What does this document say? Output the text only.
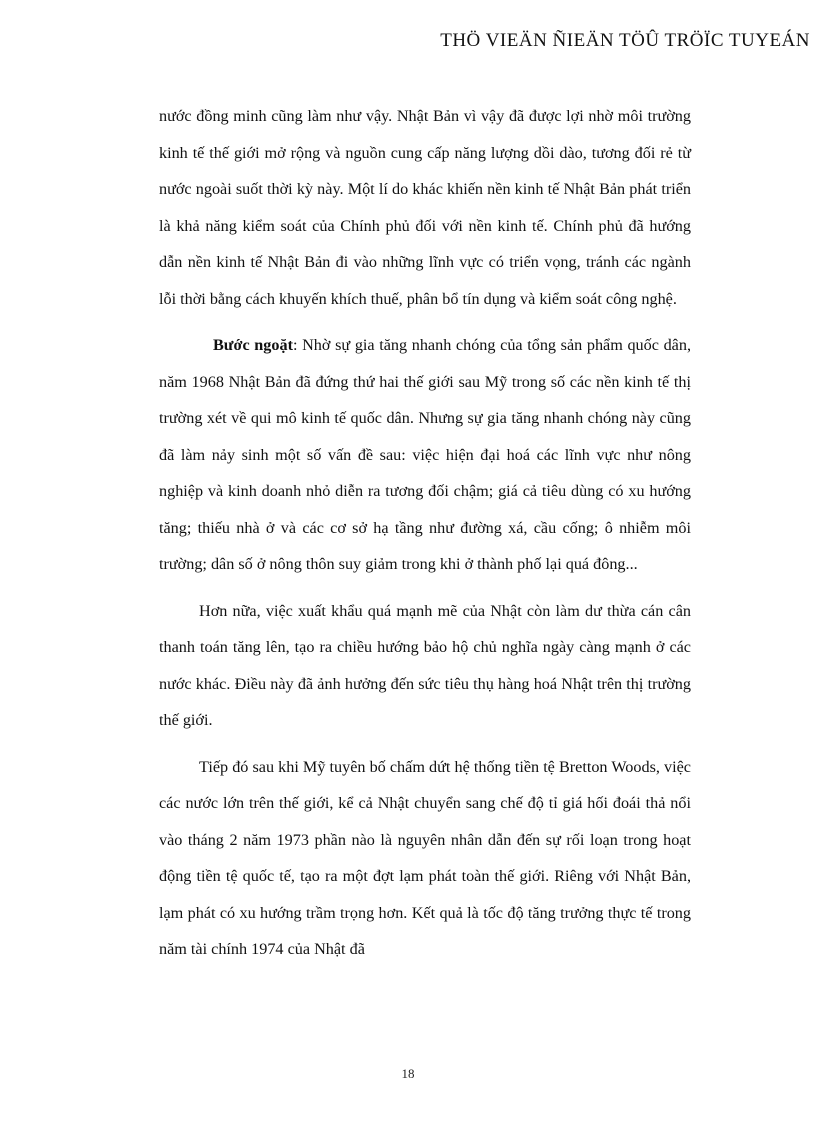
THÖ VIEÄN ÑIEÄN TÖÛ TRÖÏC TUYEÁN

nước đồng minh cũng làm như vậy. Nhật Bản vì vậy đã được lợi nhờ môi trường kinh tế thế giới mở rộng và nguồn cung cấp năng lượng dồi dào, tương đối rẻ từ nước ngoài suốt thời kỳ này. Một lí do khác khiến nền kinh tế Nhật Bản phát triển là khả năng kiểm soát của Chính phủ đối với nền kinh tế. Chính phủ đã hướng dẫn nền kinh tế Nhật Bản đi vào những lĩnh vực có triển vọng, tránh các ngành lỗi thời bằng cách khuyến khích thuế, phân bổ tín dụng và kiểm soát công nghệ.

Bước ngoặt: Nhờ sự gia tăng nhanh chóng của tổng sản phẩm quốc dân, năm 1968 Nhật Bản đã đứng thứ hai thế giới sau Mỹ trong số các nền kinh tế thị trường xét về qui mô kinh tế quốc dân. Nhưng sự gia tăng nhanh chóng này cũng đã làm nảy sinh một số vấn đề sau: việc hiện đại hoá các lĩnh vực như nông nghiệp và kinh doanh nhỏ diễn ra tương đối chậm; giá cả tiêu dùng có xu hướng tăng; thiếu nhà ở và các cơ sở hạ tầng như đường xá, cầu cống; ô nhiễm môi trường; dân số ở nông thôn suy giảm trong khi ở thành phố lại quá đông...

Hơn nữa, việc xuất khẩu quá mạnh mẽ của Nhật còn làm dư thừa cán cân thanh toán tăng lên, tạo ra chiều hướng bảo hộ chủ nghĩa ngày càng mạnh ở các nước khác. Điều này đã ảnh hưởng đến sức tiêu thụ hàng hoá Nhật trên thị trường thế giới.

Tiếp đó sau khi Mỹ tuyên bố chấm dứt hệ thống tiền tệ Bretton Woods, việc các nước lớn trên thế giới, kể cả Nhật chuyển sang chế độ tỉ giá hối đoái thả nổi vào tháng 2 năm 1973 phần nào là nguyên nhân dẫn đến sự rối loạn trong hoạt động tiền tệ quốc tế, tạo ra một đợt lạm phát toàn thế giới. Riêng với Nhật Bản, lạm phát có xu hướng trầm trọng hơn. Kết quả là tốc độ tăng trưởng thực tế trong năm tài chính 1974 của Nhật đã

18
